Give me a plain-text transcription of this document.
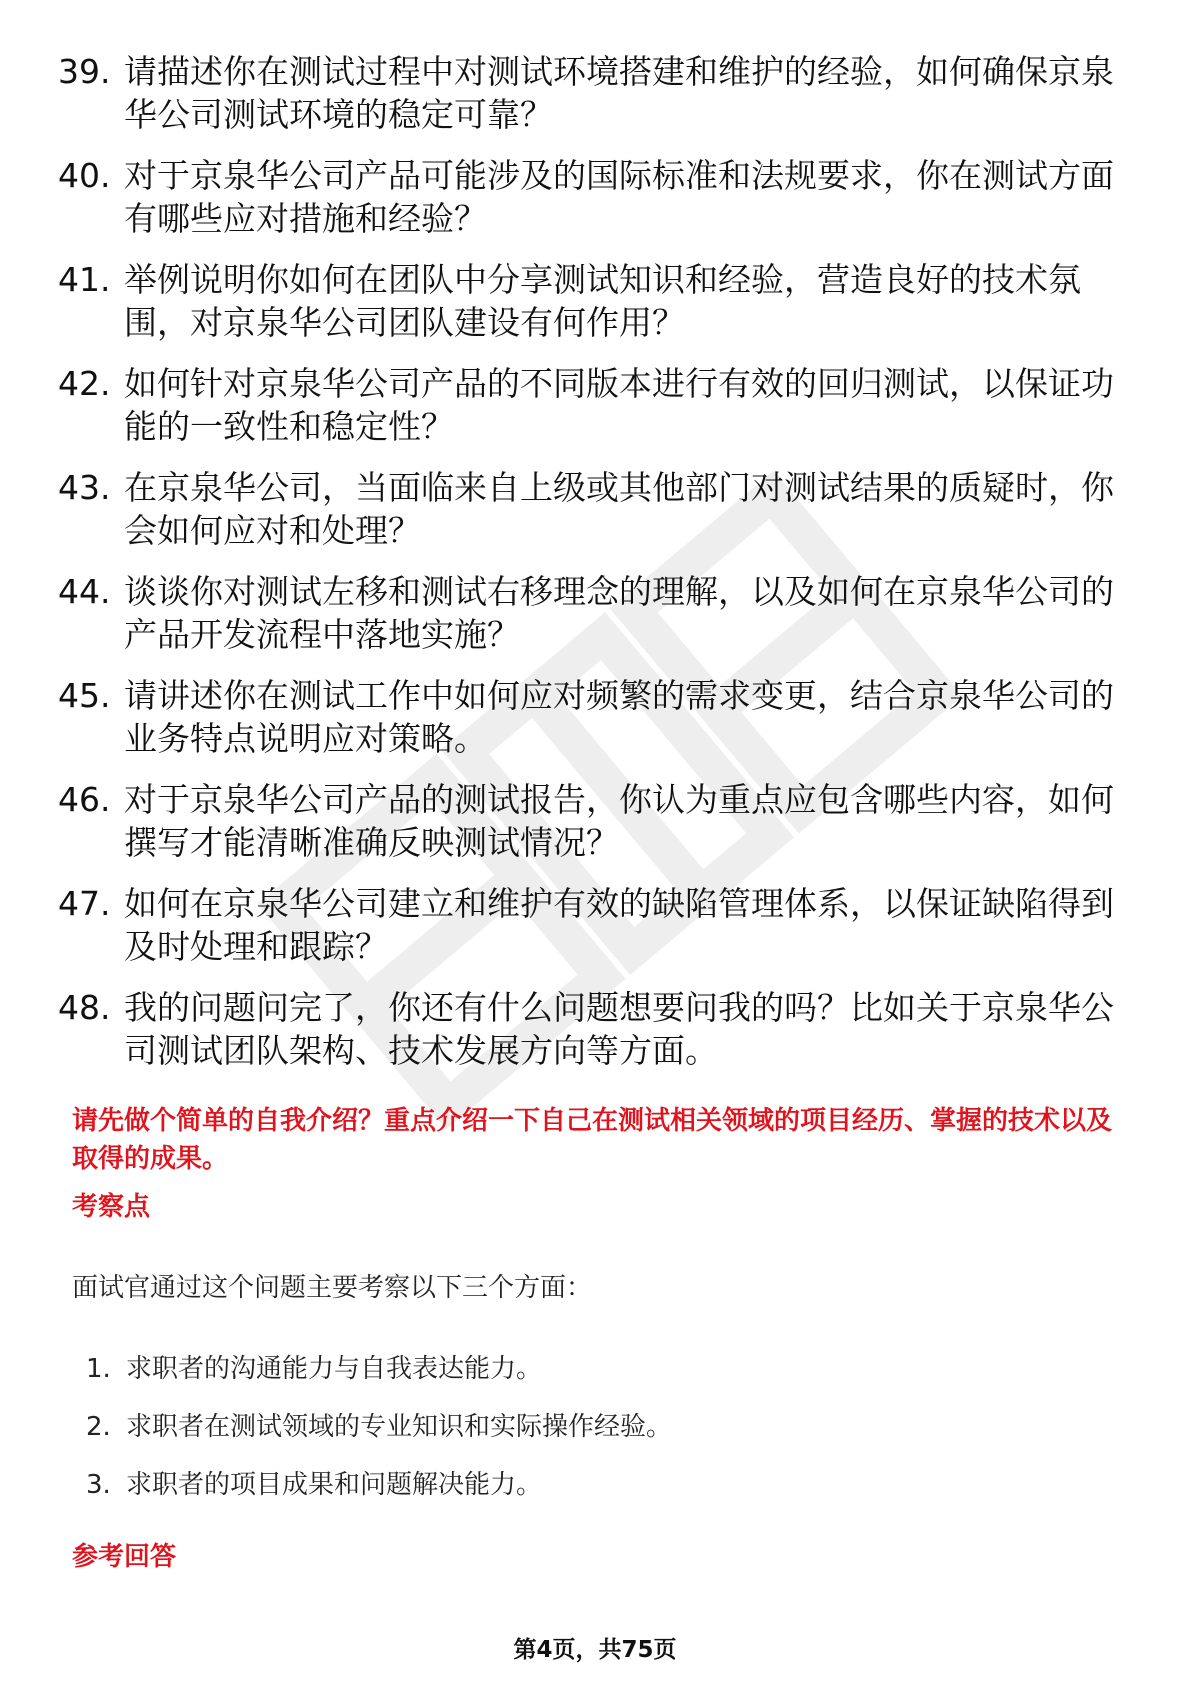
39. 请描述你在测试过程中对测试环境搭建和维护的经验，如何确保京泉华公司测试环境的稳定可靠？
40. 对于京泉华公司产品可能涉及的国际标准和法规要求，你在测试方面有哪些应对措施和经验？
41. 举例说明你如何在团队中分享测试知识和经验，营造良好的技术氛围，对京泉华公司团队建设有何作用？
42. 如何针对京泉华公司产品的不同版本进行有效的回归测试，以保证功能的一致性和稳定性？
43. 在京泉华公司，当面临来自上级或其他部门对测试结果的质疑时，你会如何应对和处理？
44. 谈谈你对测试左移和测试右移理念的理解，以及如何在京泉华公司的产品开发流程中落地实施？
45. 请讲述你在测试工作中如何应对频繁的需求变更，结合京泉华公司的业务特点说明应对策略。
46. 对于京泉华公司产品的测试报告，你认为重点应包含哪些内容，如何撰写才能清晰准确反映测试情况？
47. 如何在京泉华公司建立和维护有效的缺陷管理体系，以保证缺陷得到及时处理和跟踪？
48. 我的问题问完了，你还有什么问题想要问我的吗？比如关于京泉华公司测试团队架构、技术发展方向等方面。
请先做个简单的自我介绍？重点介绍一下自己在测试相关领域的项目经历、掌握的技术以及取得的成果。
考察点
面试官通过这个问题主要考察以下三个方面：
1. 求职者的沟通能力与自我表达能力。
2. 求职者在测试领域的专业知识和实际操作经验。
3. 求职者的项目成果和问题解决能力。
参考回答
第4页，共75页
